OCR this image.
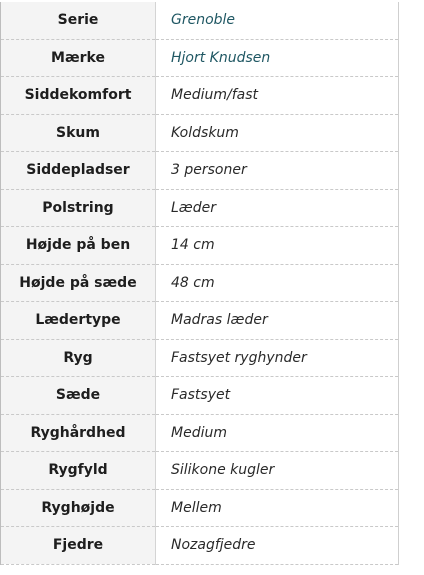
Serie	Grenoble
Mærke	Hjort Knudsen
Siddekomfort	Medium/fast
Skum	Koldskum
Siddepladser	3 personer
Polstring	Læder
Højde på ben	14 cm
Højde på sæde	48 cm
Lædertype	Madras læder
Ryg	Fastsyet ryghynder
Sæde	Fastsyet
Ryghårdhed	Medium
Rygfyld	Silikone kugler
Ryghøjde	Mellem
Fjedre	Nozagfjedre
